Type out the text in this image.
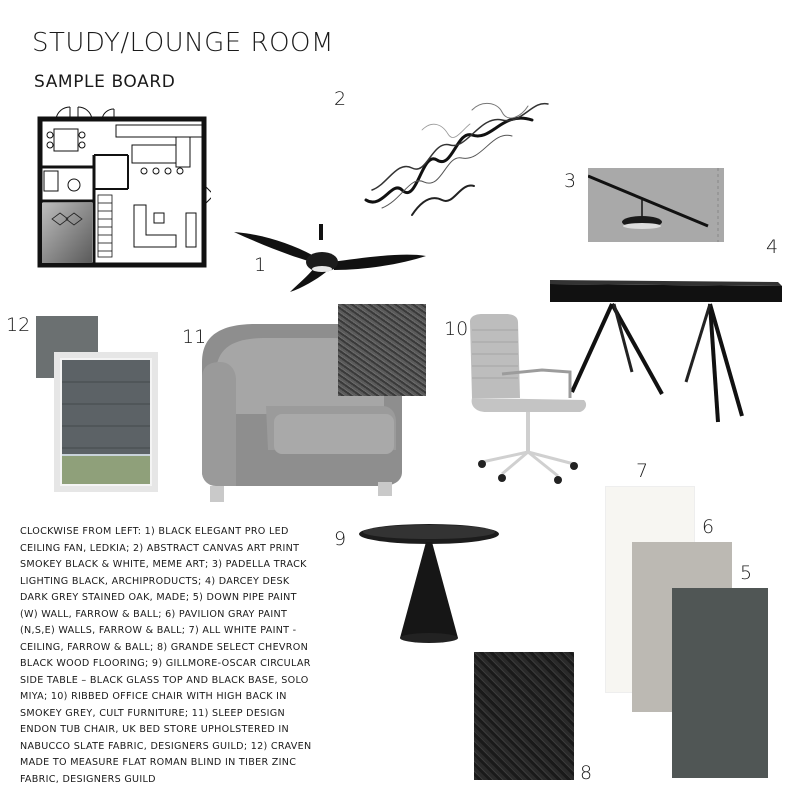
STUDY/LOUNGE ROOM
SAMPLE BOARD
1
2
3
4
5
6
7
8
9
10
11
12
CLOCKWISE FROM LEFT: 1) BLACK ELEGANT PRO LED CEILING FAN, LEDKIA; 2) ABSTRACT CANVAS ART PRINT SMOKEY BLACK & WHITE, MEME ART; 3) PADELLA TRACK LIGHTING BLACK, ARCHIPRODUCTS; 4) DARCEY DESK DARK GREY STAINED OAK, MADE; 5) DOWN PIPE PAINT (W) WALL, FARROW & BALL; 6) PAVILION GRAY PAINT (N,S,E) WALLS, FARROW & BALL; 7) ALL WHITE PAINT - CEILING, FARROW & BALL; 8) GRANDE SELECT CHEVRON BLACK WOOD FLOORING; 9) GILLMORE-OSCAR CIRCULAR SIDE TABLE – BLACK GLASS TOP AND BLACK BASE, SOLO MIYA; 10) RIBBED OFFICE CHAIR WITH HIGH BACK IN SMOKEY GREY, CULT FURNITURE; 11) SLEEP DESIGN ENDON TUB CHAIR, UK BED STORE UPHOLSTERED IN NABUCCO SLATE FABRIC, DESIGNERS GUILD; 12) CRAVEN MADE TO MEASURE FLAT ROMAN BLIND IN TIBER ZINC FABRIC, DESIGNERS GUILD
